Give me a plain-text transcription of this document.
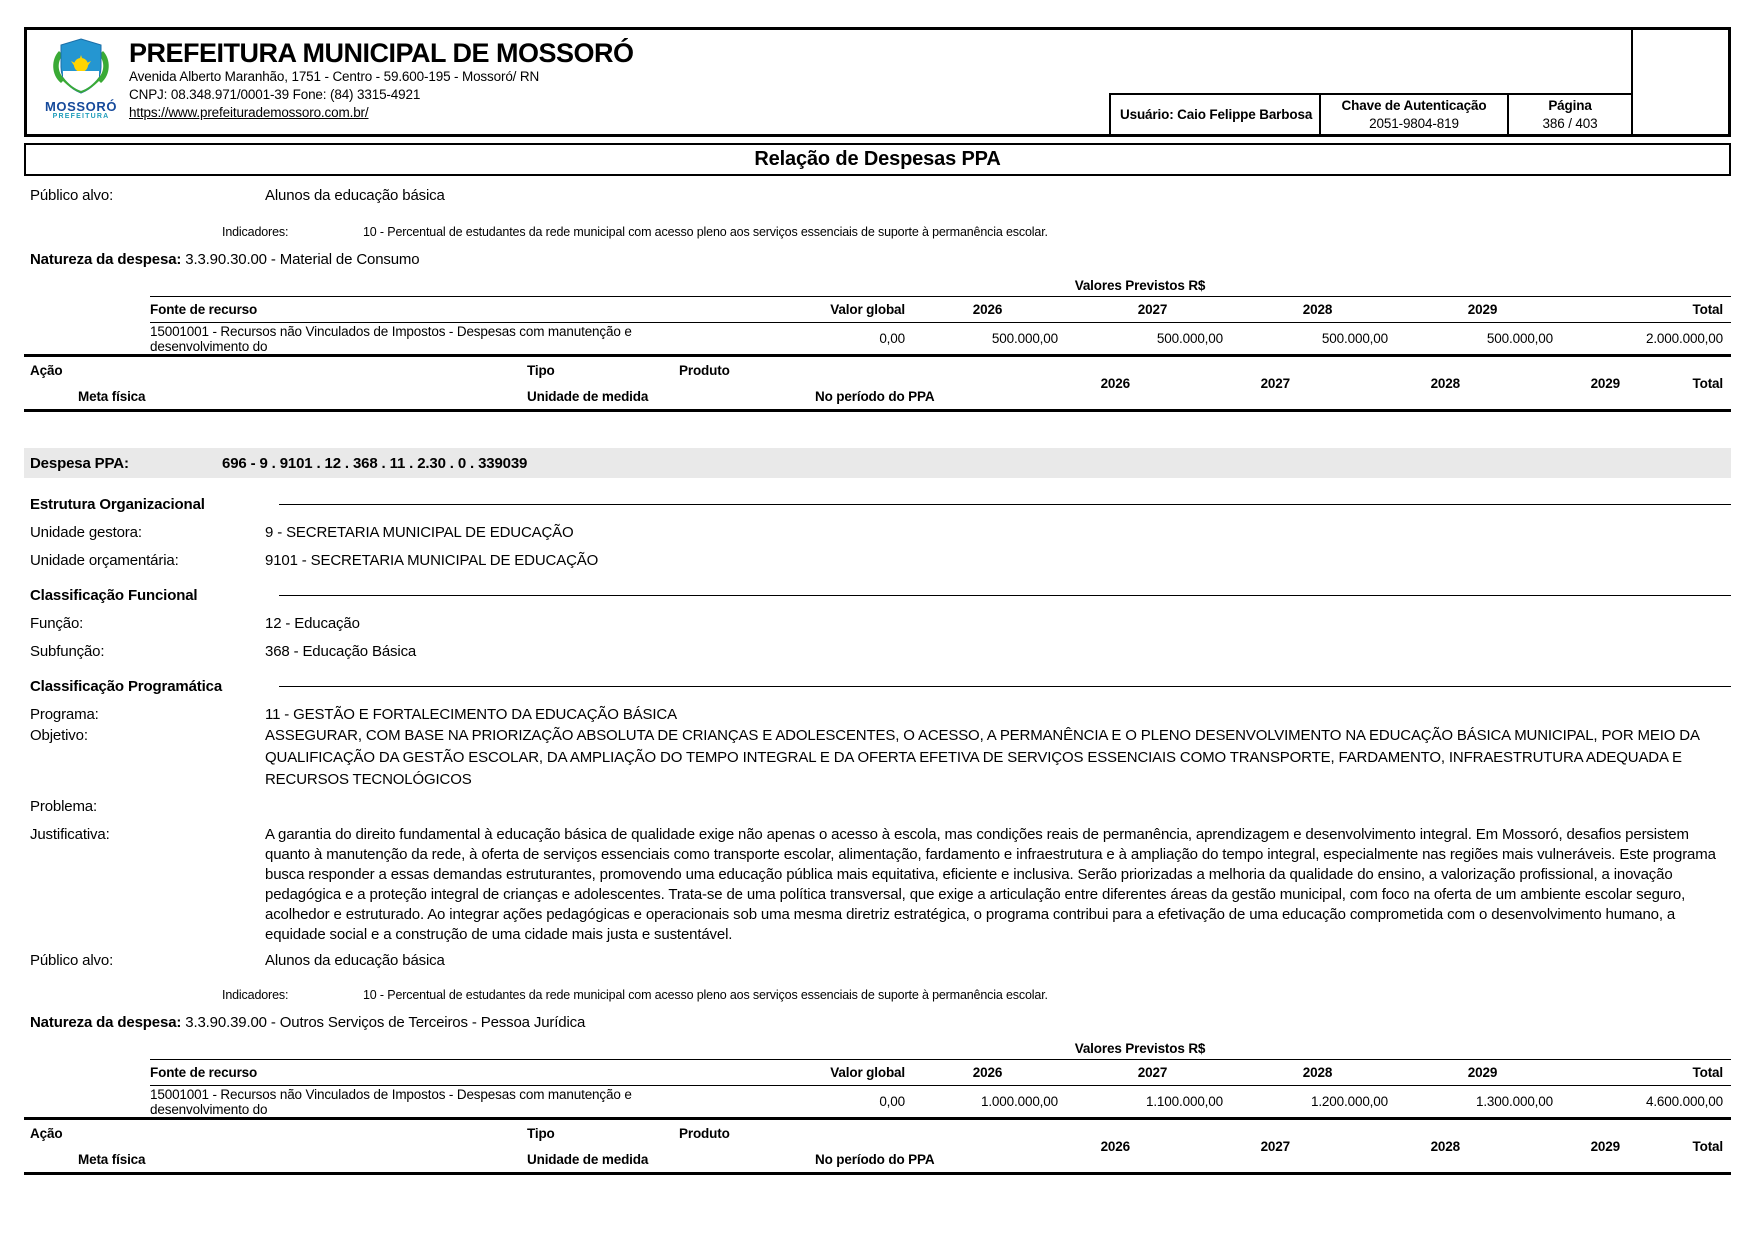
MOSSORÓ
PREFEITURA
PREFEITURA MUNICIPAL DE MOSSORÓ
Avenida Alberto Maranhão, 1751 - Centro - 59.600-195 - Mossoró/ RN
CNPJ: 08.348.971/0001-39 Fone: (84) 3315-4921
https://www.prefeiturademossoro.com.br/	Usuário: Caio Felippe Barbosa
Chave de Autenticação
2051-9804-819
Página
386 / 403
Relação de Despesas PPA
Público alvo:	Alunos da educação básica
Indicadores:	10 - Percentual de estudantes da rede municipal com acesso pleno aos serviços essenciais de suporte à permanência escolar.
Natureza da despesa: 3.3.90.30.00 - Material de Consumo
Valores Previstos R$
Fonte de recurso	Valor global	2026	2027	2028	2029	Total
15001001 - Recursos não Vinculados de Impostos - Despesas com manutenção e desenvolvimento do	0,00	500.000,00	500.000,00	500.000,00	500.000,00	2.000.000,00
Ação	Tipo	Produto
Meta física	Unidade de medida	No período do PPA
2026	2027	2028	2029	Total
Despesa PPA:	696 - 9 . 9101 . 12 . 368 . 11 . 2.30 . 0 . 339039
Estrutura Organizacional
Unidade gestora:	9 - SECRETARIA MUNICIPAL DE EDUCAÇÃO
Unidade orçamentária:	9101 - SECRETARIA MUNICIPAL DE EDUCAÇÃO
Classificação Funcional
Função:	12 - Educação
Subfunção:	368 - Educação Básica
Classificação Programática
Programa:	11 - GESTÃO E FORTALECIMENTO DA EDUCAÇÃO BÁSICA
Objetivo:	ASSEGURAR, COM BASE NA PRIORIZAÇÃO ABSOLUTA DE CRIANÇAS E ADOLESCENTES, O ACESSO, A PERMANÊNCIA E O PLENO DESENVOLVIMENTO NA EDUCAÇÃO BÁSICA MUNICIPAL, POR MEIO DA QUALIFICAÇÃO DA GESTÃO ESCOLAR, DA AMPLIAÇÃO DO TEMPO INTEGRAL E DA OFERTA EFETIVA DE SERVIÇOS ESSENCIAIS COMO TRANSPORTE, FARDAMENTO, INFRAESTRUTURA ADEQUADA E RECURSOS TECNOLÓGICOS
Problema:
Justificativa:	A garantia do direito fundamental à educação básica de qualidade exige não apenas o acesso à escola, mas condições reais de permanência, aprendizagem e desenvolvimento integral. Em Mossoró, desafios persistem quanto à manutenção da rede, à oferta de serviços essenciais como transporte escolar, alimentação, fardamento e infraestrutura e à ampliação do tempo integral, especialmente nas regiões mais vulneráveis. Este programa busca responder a essas demandas estruturantes, promovendo uma educação pública mais equitativa, eficiente e inclusiva. Serão priorizadas a melhoria da qualidade do ensino, a valorização profissional, a inovação pedagógica e a proteção integral de crianças e adolescentes. Trata-se de uma política transversal, que exige a articulação entre diferentes áreas da gestão municipal, com foco na oferta de um ambiente escolar seguro, acolhedor e estruturado. Ao integrar ações pedagógicas e operacionais sob uma mesma diretriz estratégica, o programa contribui para a efetivação de uma educação comprometida com o desenvolvimento humano, a equidade social e a construção de uma cidade mais justa e sustentável.
Público alvo:	Alunos da educação básica
Indicadores:	10 - Percentual de estudantes da rede municipal com acesso pleno aos serviços essenciais de suporte à permanência escolar.
Natureza da despesa: 3.3.90.39.00 - Outros Serviços de Terceiros - Pessoa Jurídica
Valores Previstos R$
Fonte de recurso	Valor global	2026	2027	2028	2029	Total
15001001 - Recursos não Vinculados de Impostos - Despesas com manutenção e desenvolvimento do	0,00	1.000.000,00	1.100.000,00	1.200.000,00	1.300.000,00	4.600.000,00
Ação	Tipo	Produto
Meta física	Unidade de medida	No período do PPA
2026	2027	2028	2029	Total
